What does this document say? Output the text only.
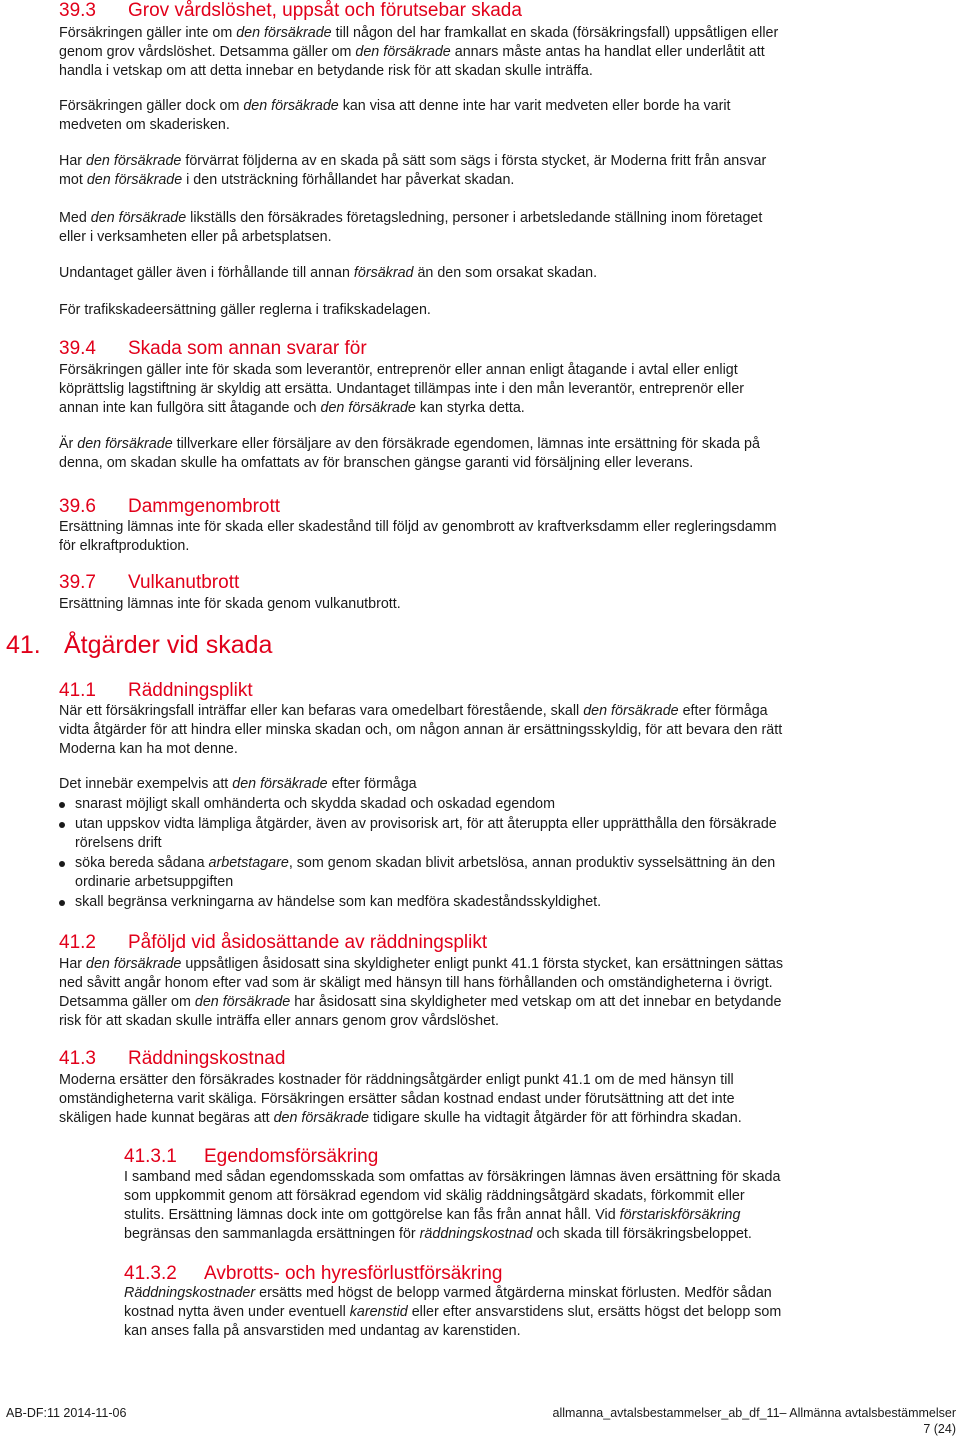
39.3 Grov vårdslöshet, uppsåt och förutsebar skada
Försäkringen gäller inte om den försäkrade till någon del har framkallat en skada (försäkringsfall) uppsåtligen eller
genom grov vårdslöshet. Detsamma gäller om den försäkrade annars måste antas ha handlat eller underlåtit att
handla i vetskap om att detta innebar en betydande risk för att skadan skulle inträffa.
Försäkringen gäller dock om den försäkrade kan visa att denne inte har varit medveten eller borde ha varit
medveten om skaderisken.
Har den försäkrade förvärrat följderna av en skada på sätt som sägs i första stycket, är Moderna fritt från ansvar
mot den försäkrade i den utsträckning förhållandet har påverkat skadan.
Med den försäkrade likställs den försäkrades företagsledning, personer i arbetsledande ställning inom företaget
eller i verksamheten eller på arbetsplatsen.
Undantaget gäller även i förhållande till annan försäkrad än den som orsakat skadan.
För trafikskadeersättning gäller reglerna i trafikskadelagen.
39.4 Skada som annan svarar för
Försäkringen gäller inte för skada som leverantör, entreprenör eller annan enligt åtagande i avtal eller enligt
köprättslig lagstiftning är skyldig att ersätta. Undantaget tillämpas inte i den mån leverantör, entreprenör eller
annan inte kan fullgöra sitt åtagande och den försäkrade kan styrka detta.
Är den försäkrade tillverkare eller försäljare av den försäkrade egendomen, lämnas inte ersättning för skada på
denna, om skadan skulle ha omfattats av för branschen gängse garanti vid försäljning eller leverans.
39.6 Dammgenombrott
Ersättning lämnas inte för skada eller skadestånd till följd av genombrott av kraftverksdamm eller regleringsdamm
för elkraftproduktion.
39.7 Vulkanutbrott
Ersättning lämnas inte för skada genom vulkanutbrott.
41. Åtgärder vid skada
41.1 Räddningsplikt
När ett försäkringsfall inträffar eller kan befaras vara omedelbart förestående, skall den försäkrade efter förmåga
vidta åtgärder för att hindra eller minska skadan och, om någon annan är ersättningsskyldig, för att bevara den rätt
Moderna kan ha mot denne.
Det innebär exempelvis att den försäkrade efter förmåga
snarast möjligt skall omhänderta och skydda skadad och oskadad egendom
utan uppskov vidta lämpliga åtgärder, även av provisorisk art, för att återuppta eller upprätthålla den försäkrade
rörelsens drift
söka bereda sådana arbetstagare, som genom skadan blivit arbetslösa, annan produktiv sysselsättning än den
ordinarie arbetsuppgiften
skall begränsa verkningarna av händelse som kan medföra skadeståndsskyldighet.
41.2 Påföljd vid åsidosättande av räddningsplikt
Har den försäkrade uppsåtligen åsidosatt sina skyldigheter enligt punkt 41.1 första stycket, kan ersättningen sättas
ned såvitt angår honom efter vad som är skäligt med hänsyn till hans förhållanden och omständigheterna i övrigt.
Detsamma gäller om den försäkrade har åsidosatt sina skyldigheter med vetskap om att det innebar en betydande
risk för att skadan skulle inträffa eller annars genom grov vårdslöshet.
41.3 Räddningskostnad
Moderna ersätter den försäkrades kostnader för räddningsåtgärder enligt punkt 41.1 om de med hänsyn till
omständigheterna varit skäliga. Försäkringen ersätter sådan kostnad endast under förutsättning att det inte
skäligen hade kunnat begäras att den försäkrade tidigare skulle ha vidtagit åtgärder för att förhindra skadan.
41.3.1 Egendomsförsäkring
I samband med sådan egendomsskada som omfattas av försäkringen lämnas även ersättning för skada
som uppkommit genom att försäkrad egendom vid skälig räddningsåtgärd skadats, förkommit eller
stulits. Ersättning lämnas dock inte om gottgörelse kan fås från annat håll. Vid förstariskförsäkring
begränsas den sammanlagda ersättningen för räddningskostnad och skada till försäkringsbeloppet.
41.3.2 Avbrotts- och hyresförlustförsäkring
Räddningskostnader ersätts med högst de belopp varmed åtgärderna minskat förlusten. Medför sådan
kostnad nytta även under eventuell karenstid eller efter ansvarstidens slut, ersätts högst det belopp som
kan anses falla på ansvarstiden med undantag av karenstiden.
AB-DF:11 2014-11-06	allmanna_avtalsbestammelser_ab_df_11– Allmänna avtalsbestämmelser
7 (24)
